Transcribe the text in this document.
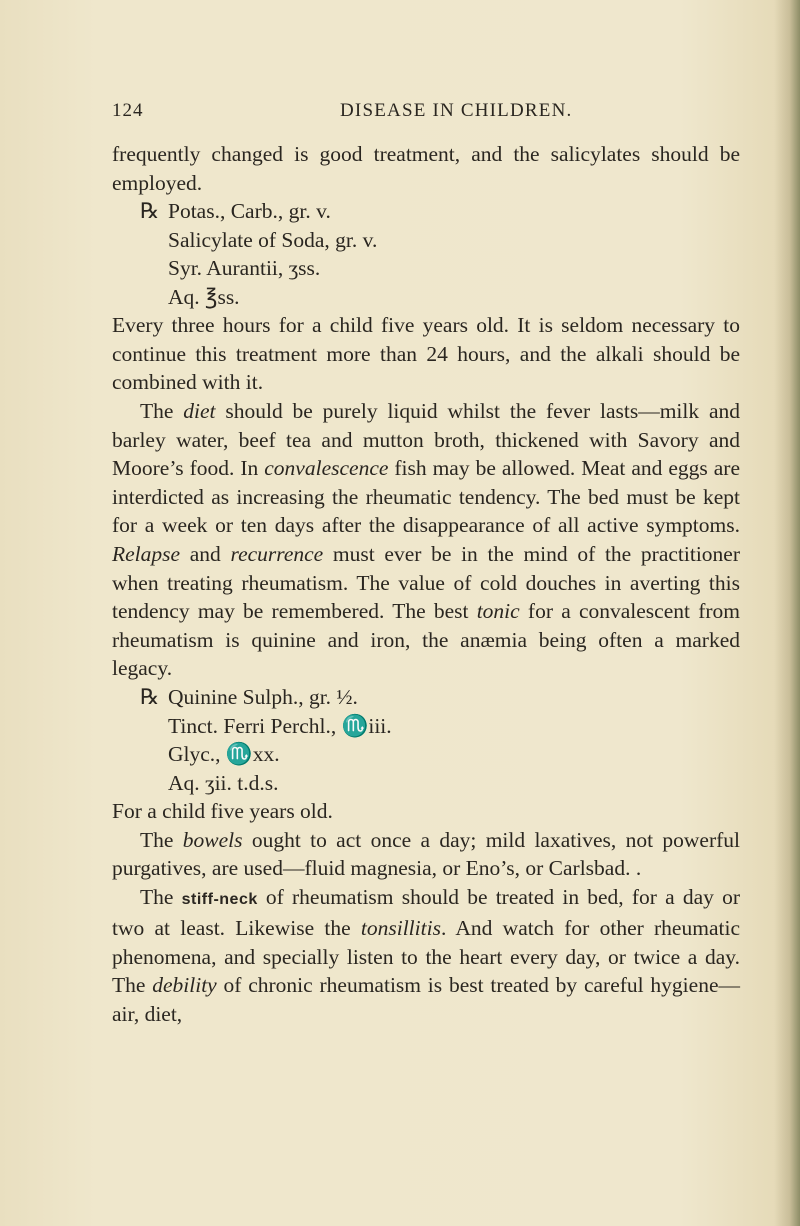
124	DISEASE IN CHILDREN.

frequently changed is good treatment, and the salicylates should be employed.

℞ Potas., Carb., gr. v.
Salicylate of Soda, gr. v.
Syr. Aurantii, ʒss.
Aq. ℥ss.

Every three hours for a child five years old. It is seldom necessary to continue this treatment more than 24 hours, and the alkali should be combined with it.

The diet should be purely liquid whilst the fever lasts—milk and barley water, beef tea and mutton broth, thickened with Savory and Moore’s food. In convalescence fish may be allowed. Meat and eggs are interdicted as increasing the rheumatic tendency. The bed must be kept for a week or ten days after the disappearance of all active symptoms. Relapse and recurrence must ever be in the mind of the practitioner when treating rheumatism. The value of cold douches in averting this tendency may be remembered. The best tonic for a convalescent from rheumatism is quinine and iron, the anæmia being often a marked legacy.

℞ Quinine Sulph., gr. ½.
Tinct. Ferri Perchl., ♏iii.
Glyc., ♏xx.
Aq. ʒii. t.d.s.

For a child five years old.

The bowels ought to act once a day; mild laxatives, not powerful purgatives, are used—fluid magnesia, or Eno’s, or Carlsbad. .

The stiff-neck of rheumatism should be treated in bed, for a day or two at least. Likewise the tonsillitis. And watch for other rheumatic phenomena, and specially listen to the heart every day, or twice a day. The debility of chronic rheumatism is best treated by careful hygiene—air, diet,
